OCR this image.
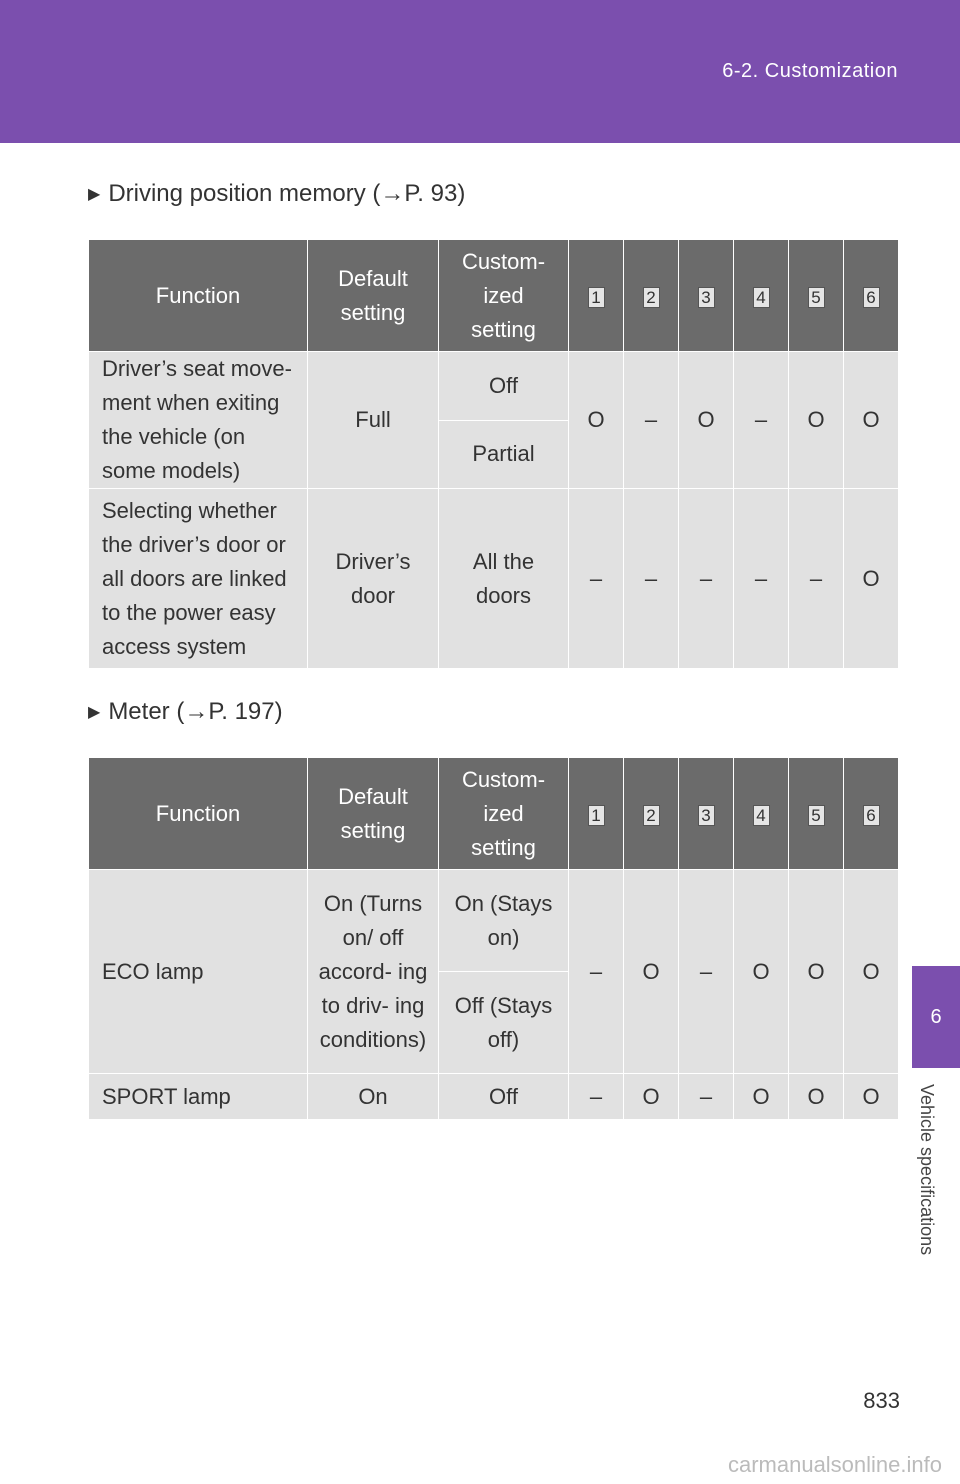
6-2. Customization
6
Vehicle specifications
▶ Driving position memory (→P. 93)
Function	Default setting	Custom- ized setting	1	2	3	4	5	6
Driver’s seat move- ment when exiting the vehicle (on some models)	Full	Off	O	–	O	–	O	O
		Partial						
Selecting whether the driver’s door or all doors are linked to the power easy access system	Driver’s door	All the doors	–	–	–	–	–	O
▶ Meter (→P. 197)
Function	Default setting	Custom- ized setting	1	2	3	4	5	6
ECO lamp	On (Turns on/ off accord- ing to driv- ing conditions)	On (Stays on)	–	O	–	O	O	O
		Off (Stays off)						
SPORT lamp	On	Off	–	O	–	O	O	O
833
carmanualsonline.info
